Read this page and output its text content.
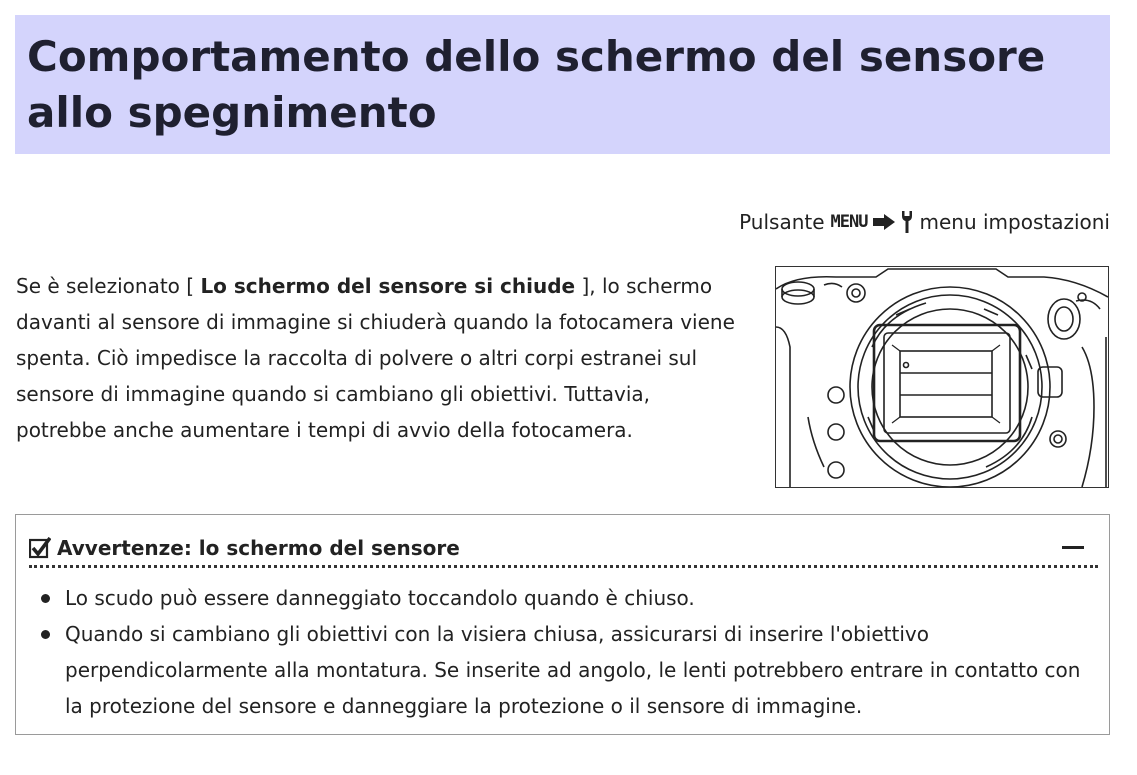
Comportamento dello schermo del sensore allo spegnimento
Pulsante MENU	menu impostazioni

Se è selezionato [ Lo schermo del sensore si chiude ], lo schermo davanti al sensore di immagine si chiuderà quando la fotocamera viene spenta. Ciò impedisce la raccolta di polvere o altri corpi estranei sul sensore di immagine quando si cambiano gli obiettivi. Tuttavia, potrebbe anche aumentare i tempi di avvio della fotocamera.

Avvertenze: lo schermo del sensore
Lo scudo può essere danneggiato toccandolo quando è chiuso.
Quando si cambiano gli obiettivi con la visiera chiusa, assicurarsi di inserire l'obiettivo perpendicolarmente alla montatura. Se inserite ad angolo, le lenti potrebbero entrare in contatto con la protezione del sensore e danneggiare la protezione o il sensore di immagine.
